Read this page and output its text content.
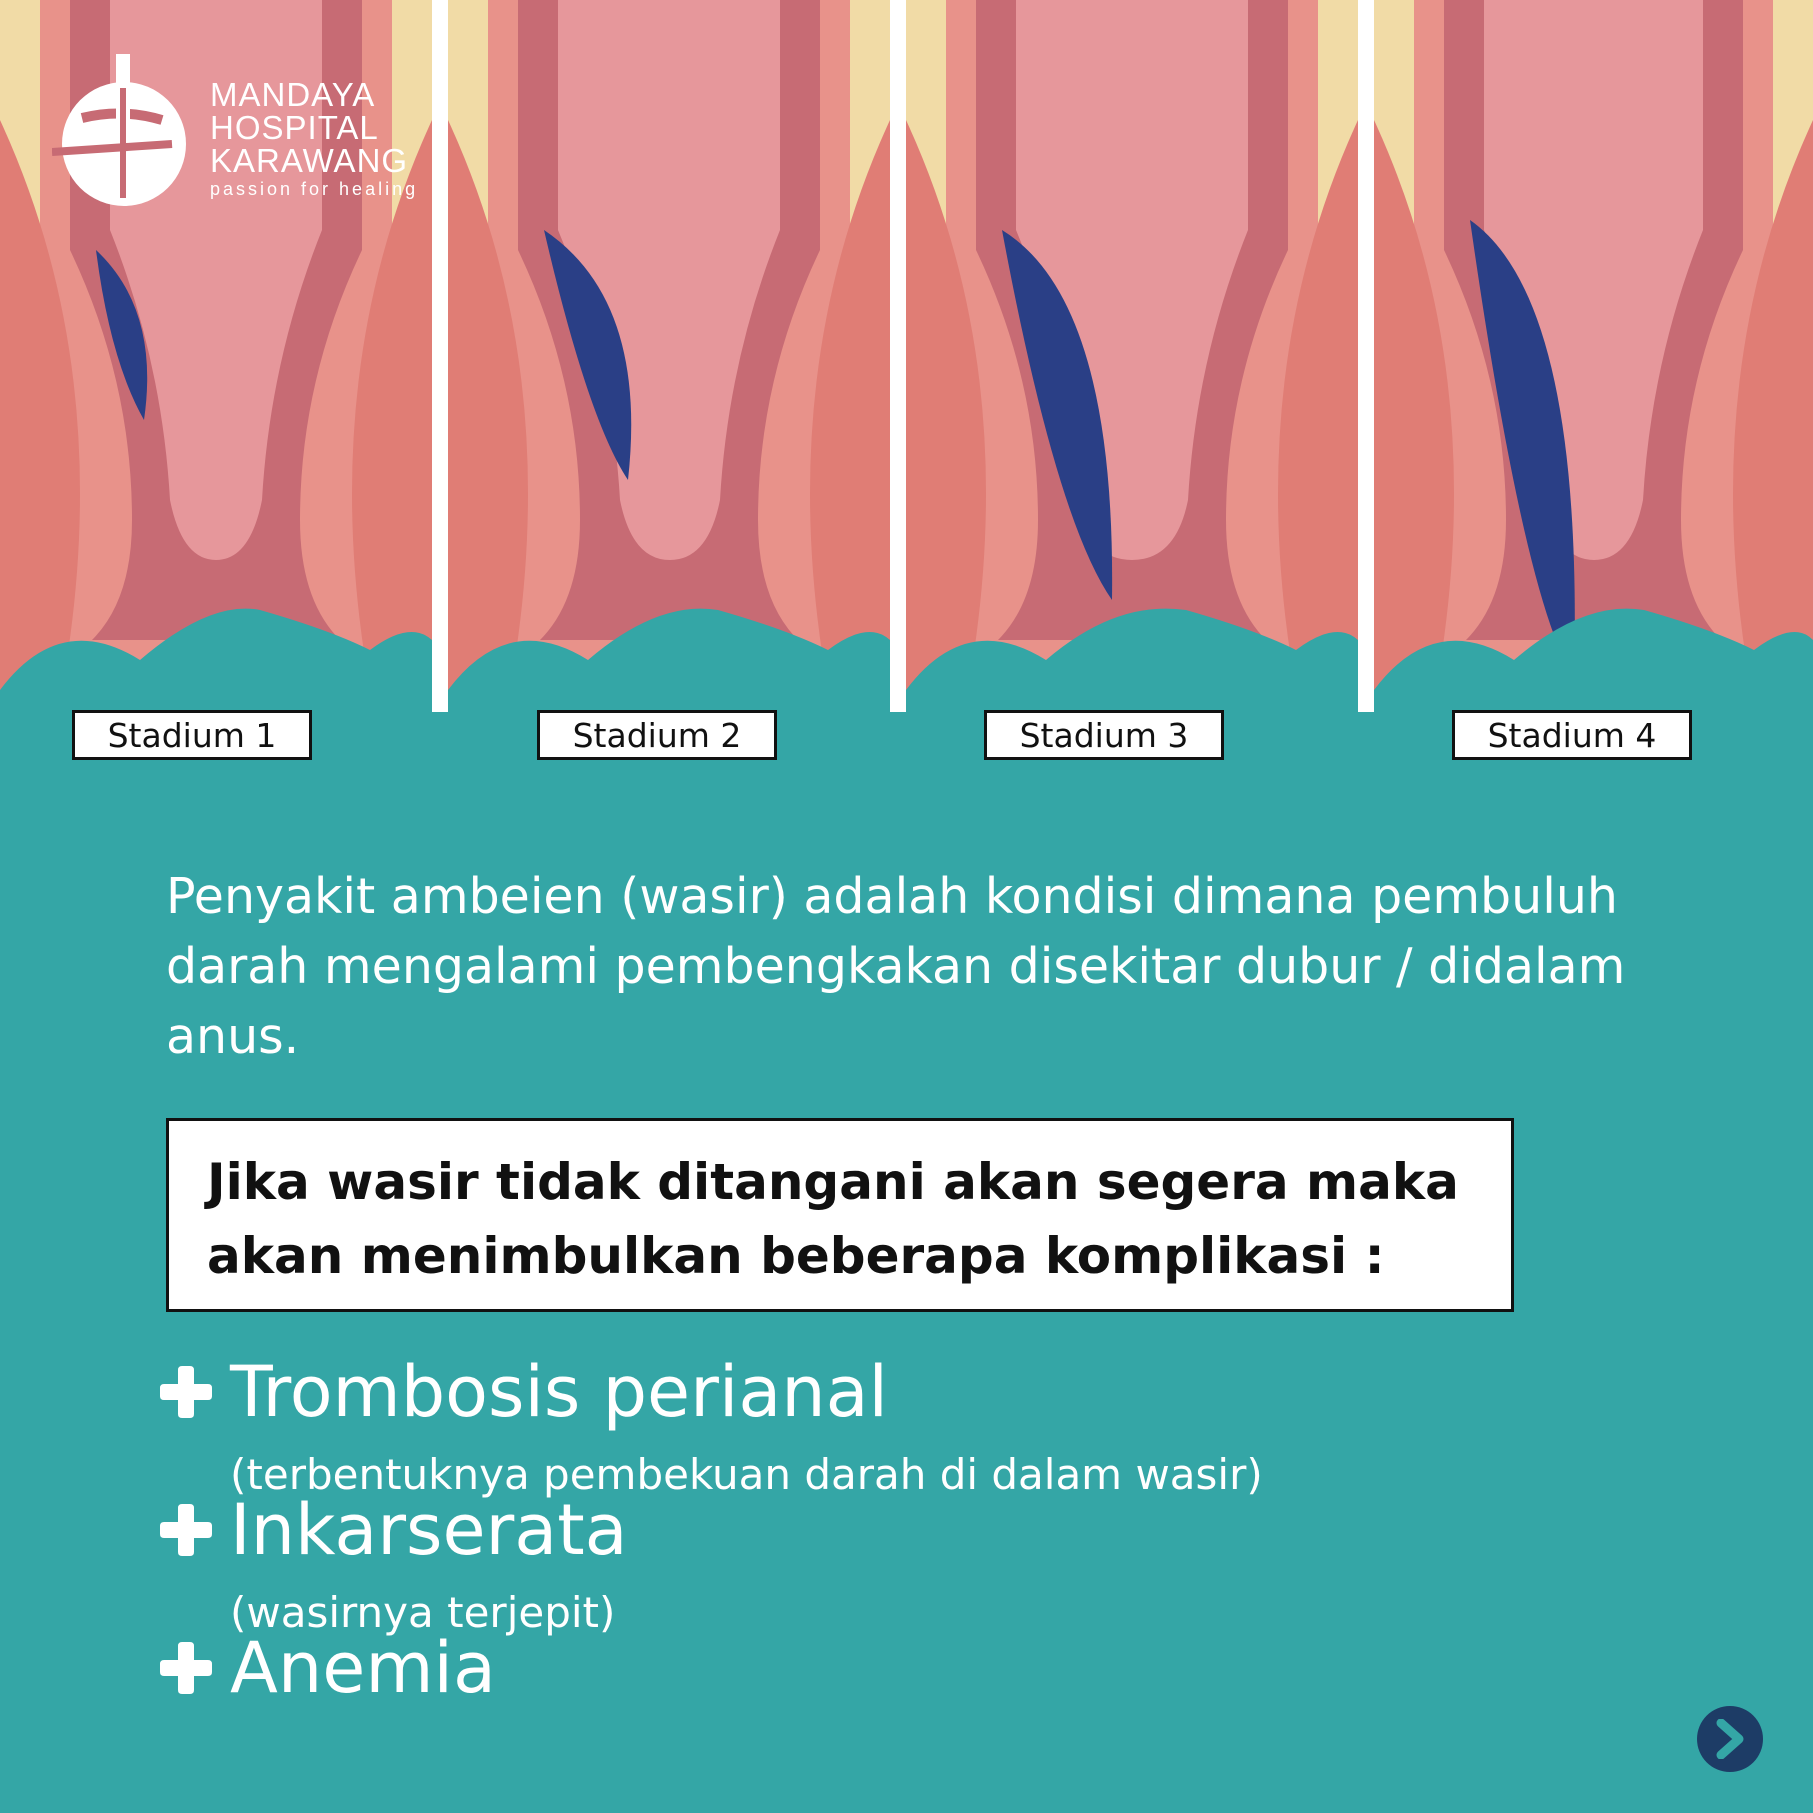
MANDAYA
HOSPITAL
KARAWANG
passion for healing
Stadium 1	Stadium 2	Stadium 3	Stadium 4
Penyakit ambeien (wasir) adalah kondisi dimana pembuluh darah mengalami pembengkakan disekitar dubur / didalam anus.
Jika wasir tidak ditangani akan segera maka akan menimbulkan beberapa komplikasi :
Trombosis perianal
(terbentuknya pembekuan darah di dalam wasir)
Inkarserata
(wasirnya terjepit)
Anemia
